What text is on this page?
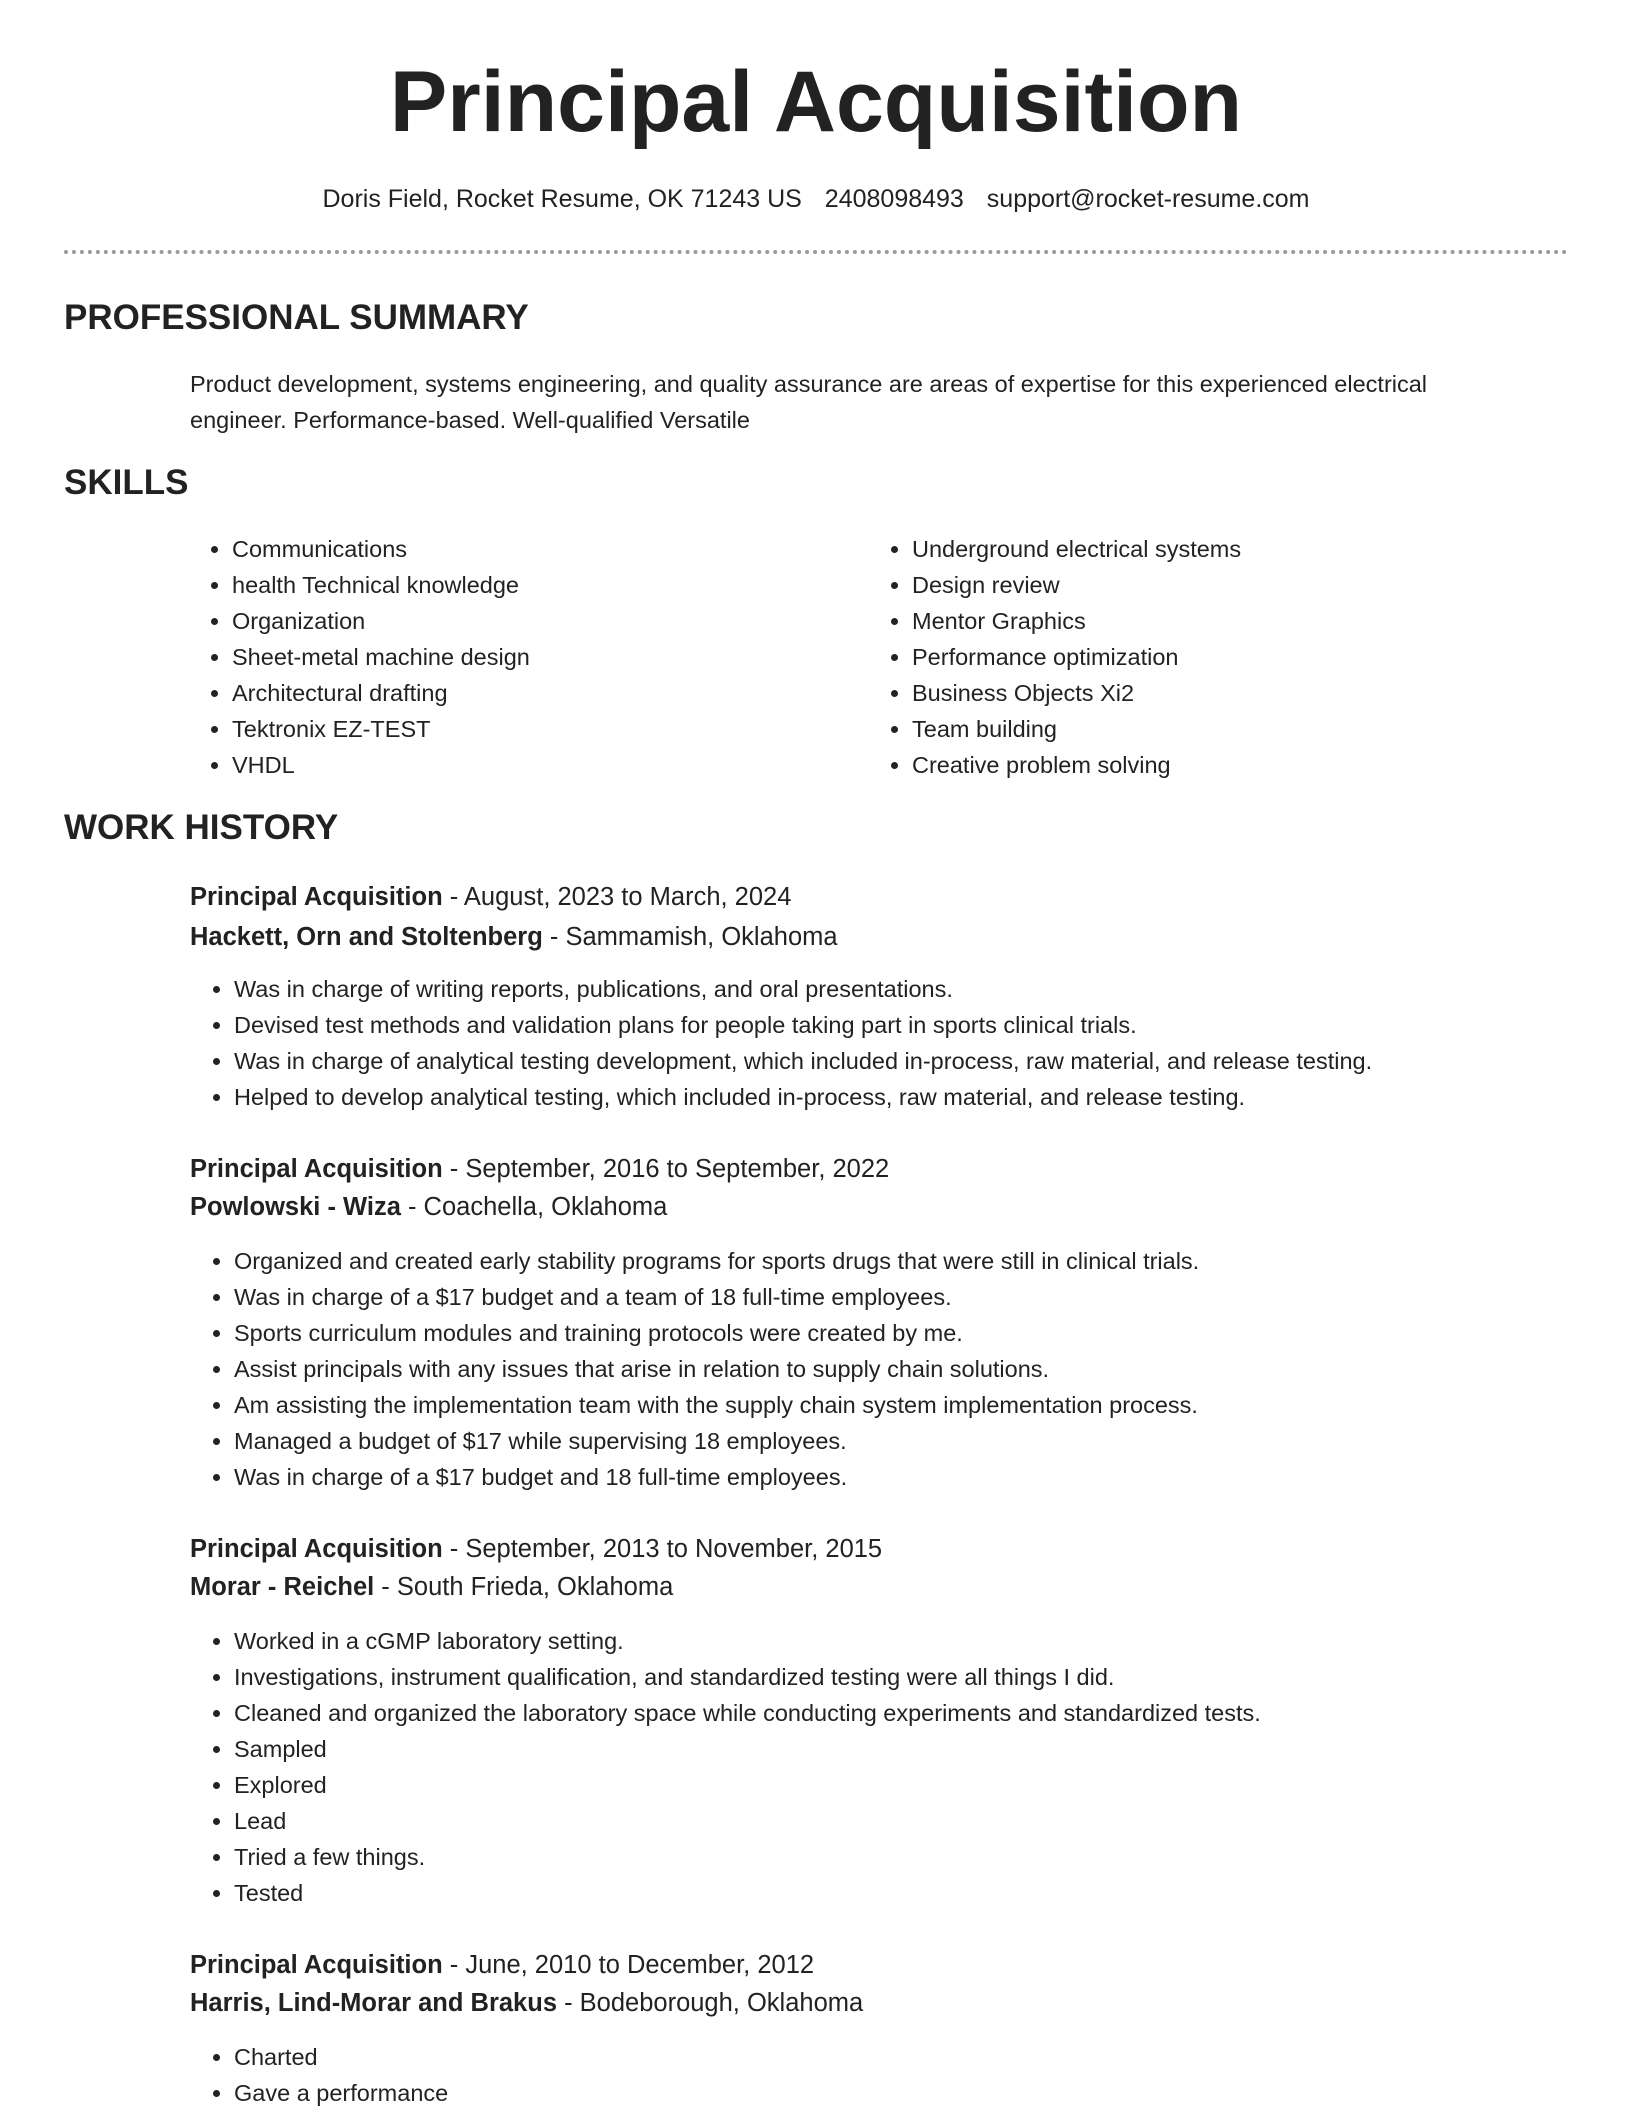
Principal Acquisition
Doris Field, Rocket Resume, OK 71243 US 2408098493 support@rocket-resume.com
PROFESSIONAL SUMMARY

Product development, systems engineering, and quality assurance are areas of expertise for this experienced electrical engineer. Performance-based. Well-qualified Versatile

SKILLS
• Communications
• health Technical knowledge
• Organization
• Sheet-metal machine design
• Architectural drafting
• Tektronix EZ-TEST
• VHDL
• Underground electrical systems
• Design review
• Mentor Graphics
• Performance optimization
• Business Objects Xi2
• Team building
• Creative problem solving
WORK HISTORY
Principal Acquisition - August, 2023 to March, 2024
Hackett, Orn and Stoltenberg - Sammamish, Oklahoma
• Was in charge of writing reports, publications, and oral presentations.
• Devised test methods and validation plans for people taking part in sports clinical trials.
• Was in charge of analytical testing development, which included in-process, raw material, and release testing.
• Helped to develop analytical testing, which included in-process, raw material, and release testing.
Principal Acquisition - September, 2016 to September, 2022
Powlowski - Wiza - Coachella, Oklahoma
• Organized and created early stability programs for sports drugs that were still in clinical trials.
• Was in charge of a $17 budget and a team of 18 full-time employees.
• Sports curriculum modules and training protocols were created by me.
• Assist principals with any issues that arise in relation to supply chain solutions.
• Am assisting the implementation team with the supply chain system implementation process.
• Managed a budget of $17 while supervising 18 employees.
• Was in charge of a $17 budget and 18 full-time employees.
Principal Acquisition - September, 2013 to November, 2015
Morar - Reichel - South Frieda, Oklahoma
• Worked in a cGMP laboratory setting.
• Investigations, instrument qualification, and standardized testing were all things I did.
• Cleaned and organized the laboratory space while conducting experiments and standardized tests.
• Sampled
• Explored
• Lead
• Tried a few things.
• Tested
Principal Acquisition - June, 2010 to December, 2012
Harris, Lind-Morar and Brakus - Bodeborough, Oklahoma
• Charted
• Gave a performance
